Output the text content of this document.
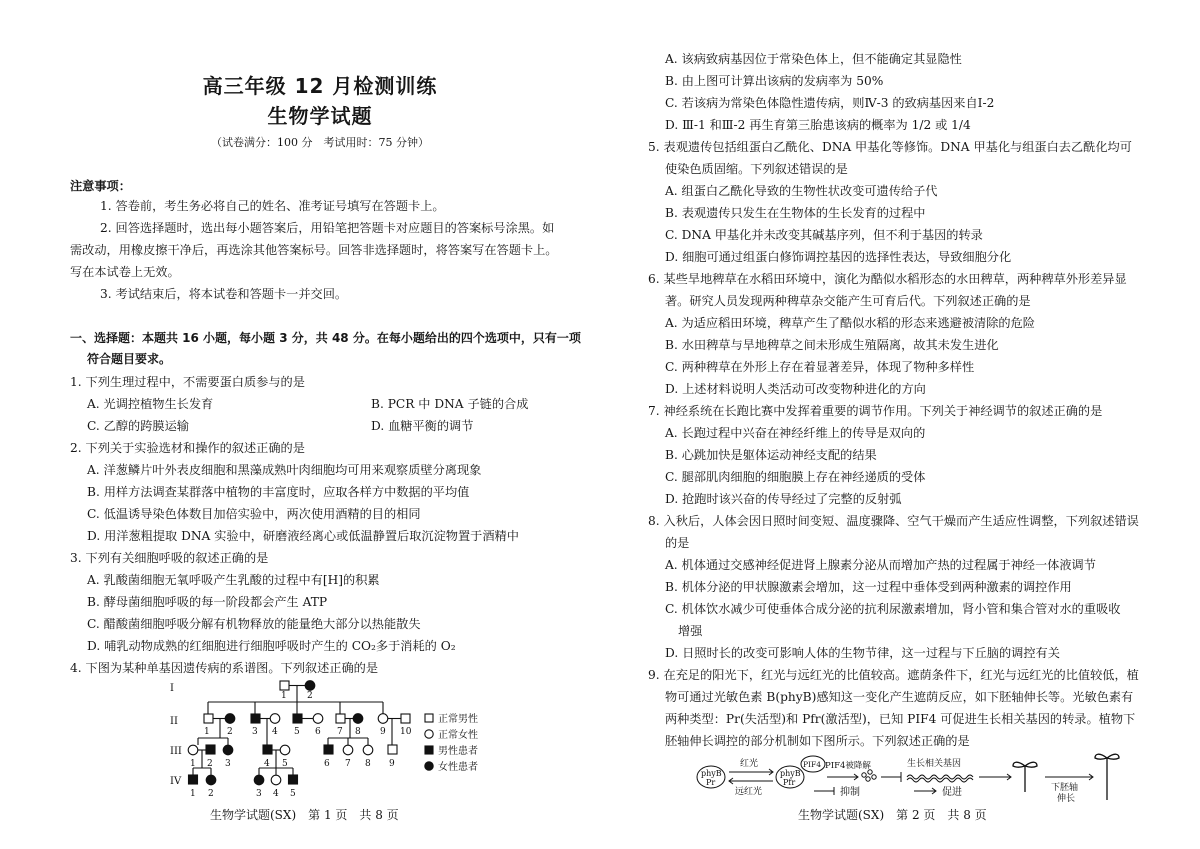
高三年级 12 月检测训练
生物学试题
（试卷满分：100 分　考试用时：75 分钟）
注意事项：
1. 答卷前，考生务必将自己的姓名、准考证号填写在答题卡上。
2. 回答选择题时，选出每小题答案后，用铅笔把答题卡对应题目的答案标号涂黑。如
需改动，用橡皮擦干净后，再选涂其他答案标号。回答非选择题时，将答案写在答题卡上。
写在本试卷上无效。
3. 考试结束后，将本试卷和答题卡一并交回。
一、选择题：本题共 16 小题，每小题 3 分，共 48 分。在每小题给出的四个选项中，只有一项
符合题目要求。
1. 下列生理过程中，不需要蛋白质参与的是
A. 光调控植物生长发育	B. PCR 中 DNA 子链的合成
C. 乙醇的跨膜运输	D. 血糖平衡的调节
2. 下列关于实验选材和操作的叙述正确的是
A. 洋葱鳞片叶外表皮细胞和黑藻成熟叶肉细胞均可用来观察质壁分离现象
B. 用样方法调查某群落中植物的丰富度时，应取各样方中数据的平均值
C. 低温诱导染色体数目加倍实验中，两次使用酒精的目的相同
D. 用洋葱粗提取 DNA 实验中，研磨液经离心或低温静置后取沉淀物置于酒精中
3. 下列有关细胞呼吸的叙述正确的是
A. 乳酸菌细胞无氧呼吸产生乳酸的过程中有[H]的积累
B. 酵母菌细胞呼吸的每一阶段都会产生 ATP
C. 醋酸菌细胞呼吸分解有机物释放的能量绝大部分以热能散失
D. 哺乳动物成熟的红细胞进行细胞呼吸时产生的 CO₂多于消耗的 O₂
4. 下图为某种单基因遗传病的系谱图。下列叙述正确的是
I
II
III
IV
1 2
1 2 3 4 5 6 7 8 9 10
1 2 3	4 5	6 7 8 9
1 2	3 4 5
正常男性
正常女性
男性患者
女性患者
生物学试题(SX)　第 1 页　共 8 页
A. 该病致病基因位于常染色体上，但不能确定其显隐性
B. 由上图可计算出该病的发病率为 50%
C. 若该病为常染色体隐性遗传病，则Ⅳ-3 的致病基因来自Ⅰ-2
D. Ⅲ-1 和Ⅲ-2 再生育第三胎患该病的概率为 1/2 或 1/4
5. 表观遗传包括组蛋白乙酰化、DNA 甲基化等修饰。DNA 甲基化与组蛋白去乙酰化均可
使染色质固缩。下列叙述错误的是
A. 组蛋白乙酰化导致的生物性状改变可遗传给子代
B. 表观遗传只发生在生物体的生长发育的过程中
C. DNA 甲基化并未改变其碱基序列，但不利于基因的转录
D. 细胞可通过组蛋白修饰调控基因的选择性表达，导致细胞分化
6. 某些旱地稗草在水稻田环境中，演化为酷似水稻形态的水田稗草，两种稗草外形差异显
著。研究人员发现两种稗草杂交能产生可育后代。下列叙述正确的是
A. 为适应稻田环境，稗草产生了酷似水稻的形态来逃避被清除的危险
B. 水田稗草与旱地稗草之间未形成生殖隔离，故其未发生进化
C. 两种稗草在外形上存在着显著差异，体现了物种多样性
D. 上述材料说明人类活动可改变物种进化的方向
7. 神经系统在长跑比赛中发挥着重要的调节作用。下列关于神经调节的叙述正确的是
A. 长跑过程中兴奋在神经纤维上的传导是双向的
B. 心跳加快是躯体运动神经支配的结果
C. 腿部肌肉细胞的细胞膜上存在神经递质的受体
D. 抢跑时该兴奋的传导经过了完整的反射弧
8. 入秋后，人体会因日照时间变短、温度骤降、空气干燥而产生适应性调整，下列叙述错误
的是
A. 机体通过交感神经促进肾上腺素分泌从而增加产热的过程属于神经一体液调节
B. 机体分泌的甲状腺激素会增加，这一过程中垂体受到两种激素的调控作用
C. 机体饮水减少可使垂体合成分泌的抗利尿激素增加，肾小管和集合管对水的重吸收
增强
D. 日照时长的改变可影响人体的生物节律，这一过程与下丘脑的调控有关
9. 在充足的阳光下，红光与远红光的比值较高。遮荫条件下，红光与远红光的比值较低，植
物可通过光敏色素 B(phyB)感知这一变化产生遮荫反应，如下胚轴伸长等。光敏色素有
两种类型：Pr(失活型)和 Pfr(激活型)，已知 PIF4 可促进生长相关基因的转录。植物下
胚轴伸长调控的部分机制如下图所示。下列叙述正确的是
phyB
Pr
红光
远红光
phyB
Pfr
PIF4 PIF4被降解	生长相关基因
下胚轴
伸长
抑制	促进
生物学试题(SX)　第 2 页　共 8 页
